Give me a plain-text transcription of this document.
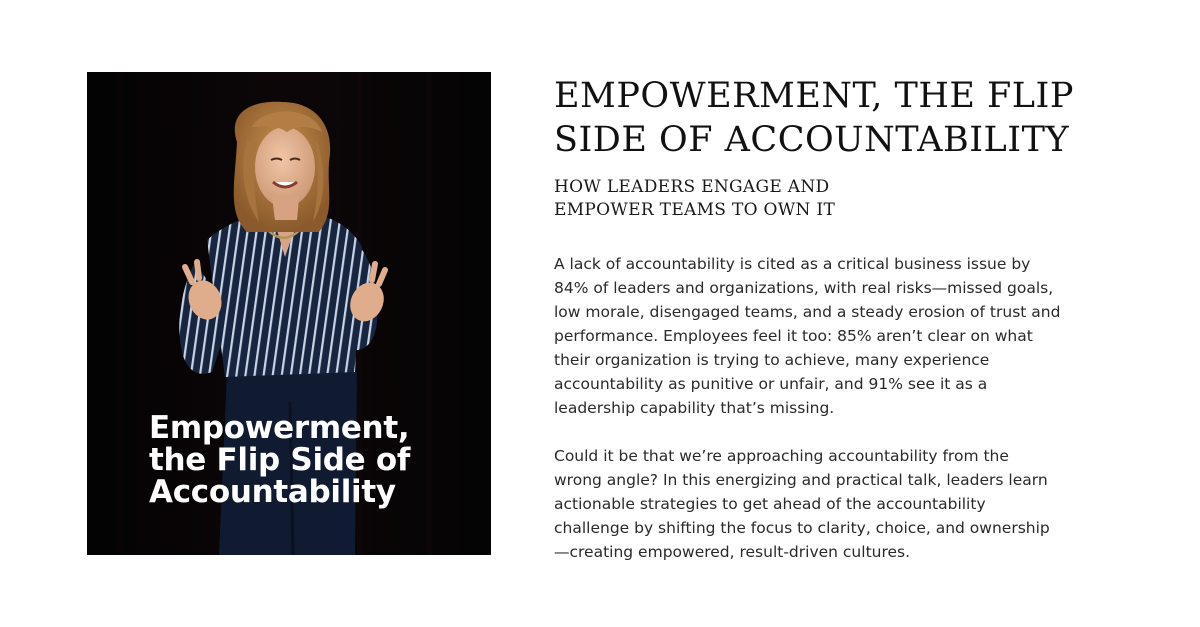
Empowerment,
the Flip Side of
Accountability
EMPOWERMENT, THE FLIP
SIDE OF ACCOUNTABILITY
HOW LEADERS ENGAGE AND
EMPOWER TEAMS TO OWN IT

A lack of accountability is cited as a critical business issue by
84% of leaders and organizations, with real risks—missed goals,
low morale, disengaged teams, and a steady erosion of trust and
performance. Employees feel it too: 85% aren’t clear on what
their organization is trying to achieve, many experience
accountability as punitive or unfair, and 91% see it as a
leadership capability that’s missing.

Could it be that we’re approaching accountability from the
wrong angle? In this energizing and practical talk, leaders learn
actionable strategies to get ahead of the accountability
challenge by shifting the focus to clarity, choice, and ownership
—creating empowered, result-driven cultures.
